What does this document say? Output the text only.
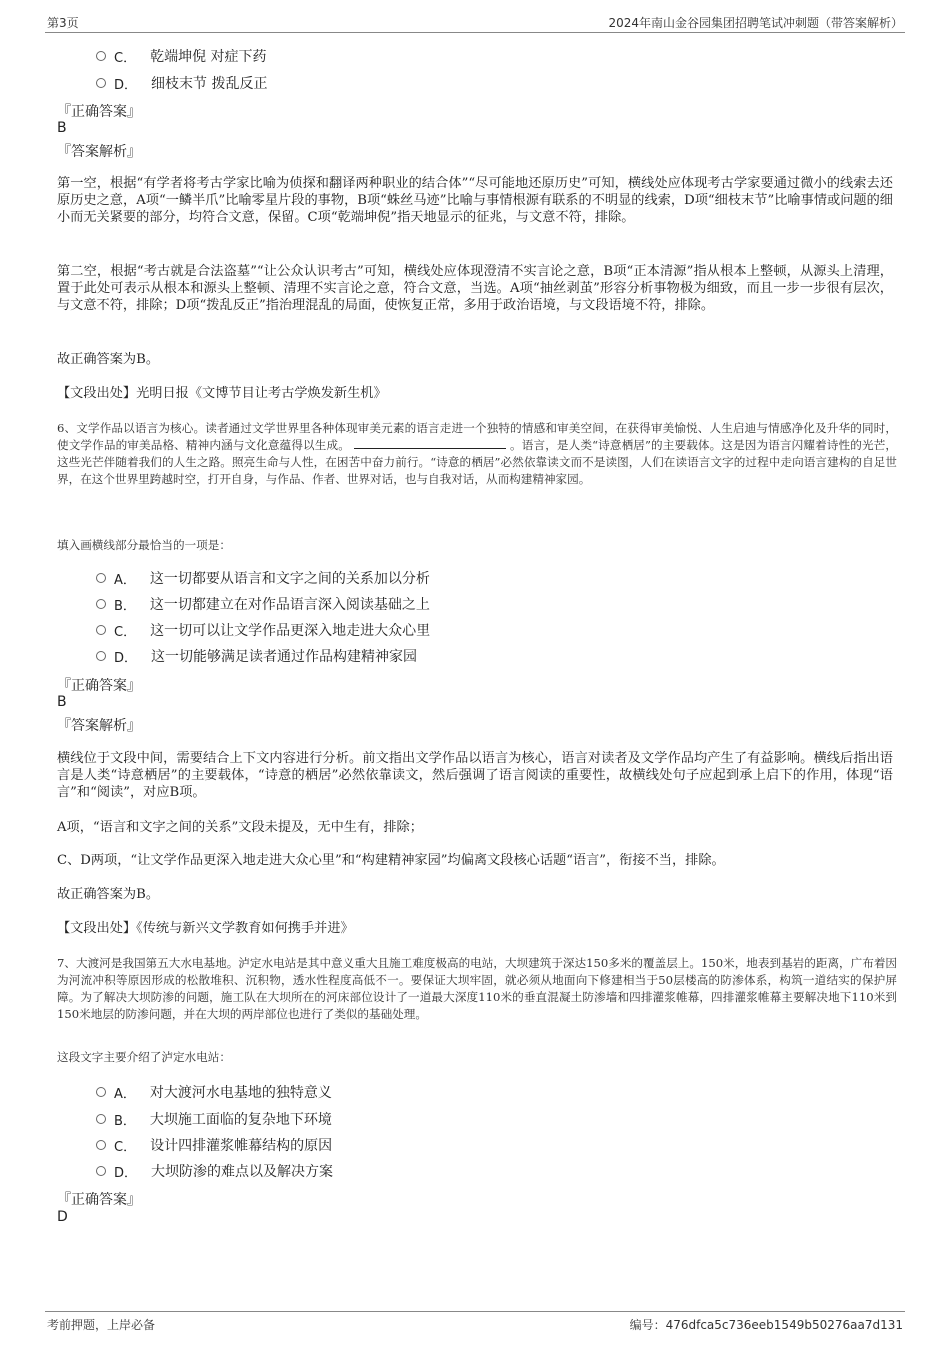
第3页	2024年南山金谷园集团招聘笔试冲刺题（带答案解析）
C． 乾端坤倪 对症下药
D． 细枝末节 拨乱反正
『正确答案』
B
『答案解析』
第一空，根据“有学者将考古学家比喻为侦探和翻译两种职业的结合体”“尽可能地还原历史”可知，横线处应体现考古学家要通过微小的线索去还原历史之意，A项“一鳞半爪”比喻零星片段的事物，B项“蛛丝马迹”比喻与事情根源有联系的不明显的线索，D项“细枝末节”比喻事情或问题的细小而无关紧要的部分，均符合文意，保留。C项“乾端坤倪”指天地显示的征兆，与文意不符，排除。
第二空，根据“考古就是合法盗墓”“让公众认识考古”可知，横线处应体现澄清不实言论之意，B项“正本清源”指从根本上整顿，从源头上清理，置于此处可表示从根本和源头上整顿、清理不实言论之意，符合文意，当选。A项“抽丝剥茧”形容分析事物极为细致，而且一步一步很有层次，与文意不符，排除；D项“拨乱反正”指治理混乱的局面，使恢复正常，多用于政治语境，与文段语境不符，排除。
故正确答案为B。
【文段出处】光明日报《文博节目让考古学焕发新生机》
6、文学作品以语言为核心。读者通过文学世界里各种体现审美元素的语言走进一个独特的情感和审美空间，在获得审美愉悦、人生启迪与情感净化及升华的同时，使文学作品的审美品格、精神内涵与文化意蕴得以生成。	。语言，是人类“诗意栖居”的主要载体。这是因为语言闪耀着诗性的光芒，这些光芒伴随着我们的人生之路。照亮生命与人性，在困苦中奋力前行。“诗意的栖居”必然依靠读文而不是读图，人们在读语言文字的过程中走向语言建构的自足世界，在这个世界里跨越时空，打开自身，与作品、作者、世界对话，也与自我对话，从而构建精神家园。
填入画横线部分最恰当的一项是：
A． 这一切都要从语言和文字之间的关系加以分析
B． 这一切都建立在对作品语言深入阅读基础之上
C． 这一切可以让文学作品更深入地走进大众心里
D． 这一切能够满足读者通过作品构建精神家园
『正确答案』
B
『答案解析』
横线位于文段中间，需要结合上下文内容进行分析。前文指出文学作品以语言为核心，语言对读者及文学作品均产生了有益影响。横线后指出语言是人类“诗意栖居”的主要载体，“诗意的栖居”必然依靠读文，然后强调了语言阅读的重要性，故横线处句子应起到承上启下的作用，体现“语言”和“阅读”，对应B项。
A项，“语言和文字之间的关系”文段未提及，无中生有，排除；
C、D两项，“让文学作品更深入地走进大众心里”和“构建精神家园”均偏离文段核心话题“语言”，衔接不当，排除。
故正确答案为B。
【文段出处】《传统与新兴文学教育如何携手并进》
7、大渡河是我国第五大水电基地。泸定水电站是其中意义重大且施工难度极高的电站，大坝建筑于深达150多米的覆盖层上。150米，地表到基岩的距离，广布着因为河流冲积等原因形成的松散堆积、沉积物，透水性程度高低不一。要保证大坝牢固，就必须从地面向下修建相当于50层楼高的防渗体系，构筑一道结实的保护屏障。为了解决大坝防渗的问题，施工队在大坝所在的河床部位设计了一道最大深度110米的垂直混凝土防渗墙和四排灌浆帷幕，四排灌浆帷幕主要解决地下110米到150米地层的防渗问题，并在大坝的两岸部位也进行了类似的基础处理。
这段文字主要介绍了泸定水电站：
A． 对大渡河水电基地的独特意义
B． 大坝施工面临的复杂地下环境
C． 设计四排灌浆帷幕结构的原因
D． 大坝防渗的难点以及解决方案
『正确答案』
D
考前押题，上岸必备	编号：476dfca5c736eeb1549b50276aa7d131
